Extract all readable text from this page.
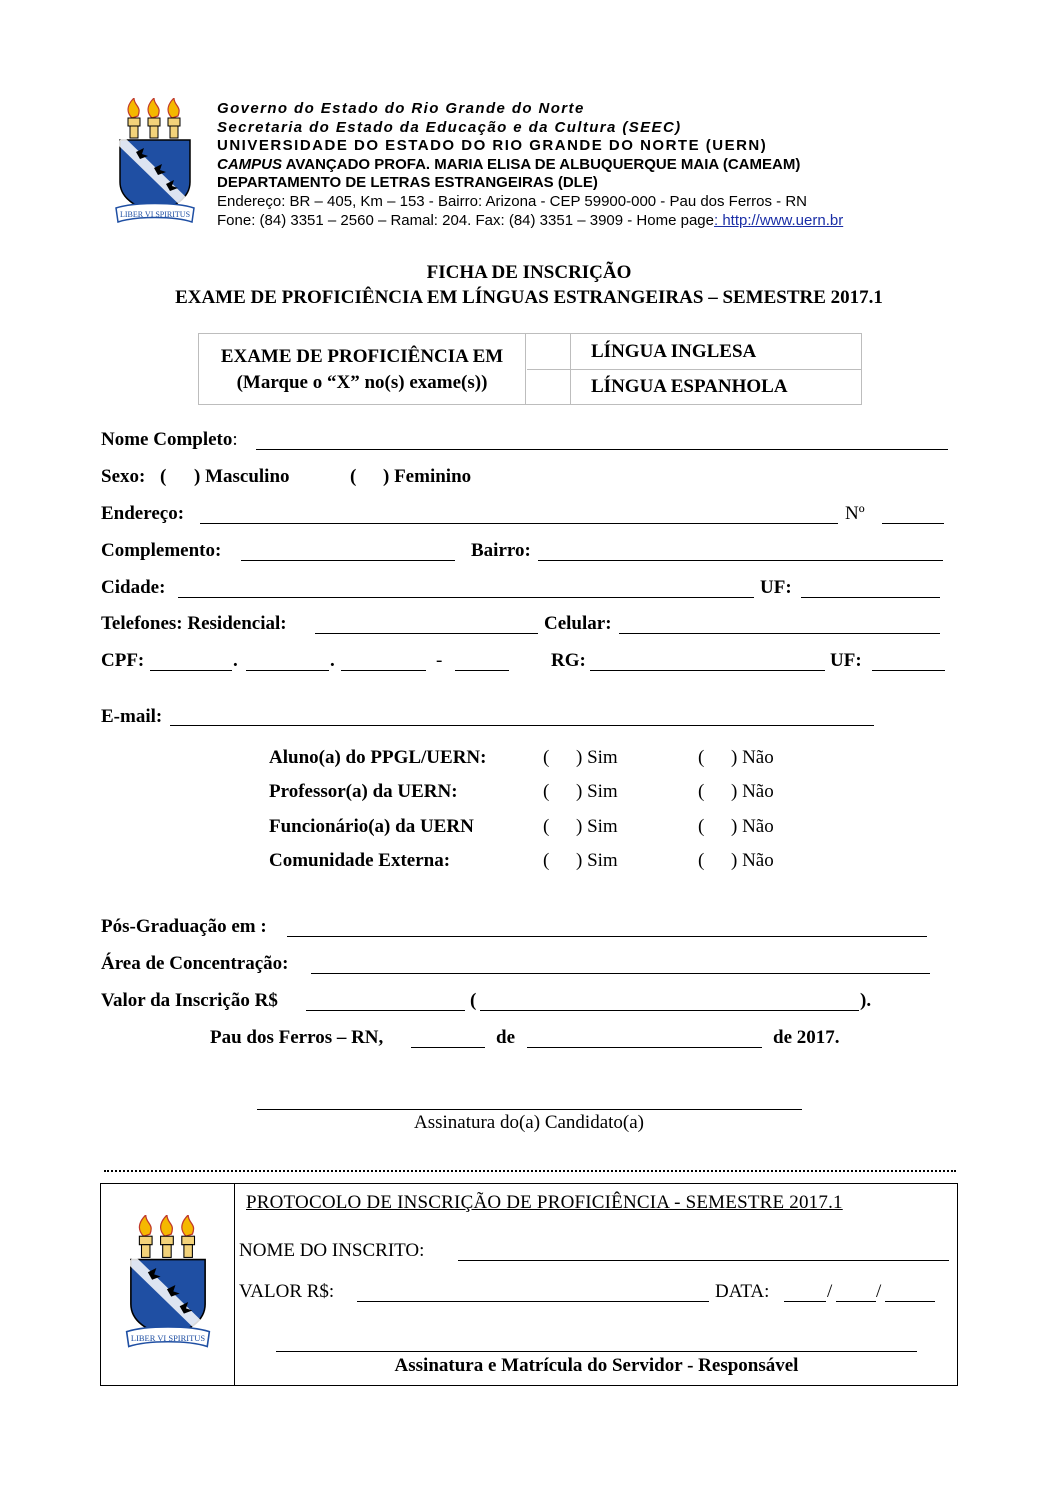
LIBER VI SPIRITUS
Governo do Estado do Rio Grande do Norte
Secretaria do Estado da Educação e da Cultura (SEEC)
UNIVERSIDADE DO ESTADO DO RIO GRANDE DO NORTE (UERN)
CAMPUS AVANÇADO PROFA. MARIA ELISA DE ALBUQUERQUE MAIA (CAMEAM)
DEPARTAMENTO DE LETRAS ESTRANGEIRAS (DLE)
Endereço: BR – 405, Km – 153 - Bairro: Arizona - CEP 59900-000 - Pau dos Ferros - RN
Fone: (84) 3351 – 2560 – Ramal: 204. Fax: (84) 3351 – 3909 - Home page: http://www.uern.br
FICHA DE INSCRIÇÃO
EXAME DE PROFICIÊNCIA EM LÍNGUAS ESTRANGEIRAS – SEMESTRE 2017.1
EXAME DE PROFICIÊNCIA EM
(Marque o “X” no(s) exame(s))
LÍNGUA INGLESA
LÍNGUA ESPANHOLA
Nome Completo:
Sexo: ( ) Masculino	( ) Feminino
Endereço:	Nº
Complemento:	Bairro:
Cidade:	UF:
Telefones: Residencial:	Celular:
CPF:	.	.	-	RG:	UF:
E-mail:
Aluno(a) do PPGL/UERN:	( ) Sim	( ) Não
Professor(a) da UERN:	( ) Sim	( ) Não
Funcionário(a) da UERN	( ) Sim	( ) Não
Comunidade Externa:	( ) Sim	( ) Não
Pós-Graduação em :
Área de Concentração:
Valor da Inscrição R$	(	).
Pau dos Ferros – RN,	de	de 2017.
Assinatura do(a) Candidato(a)
LIBER VI SPIRITUS
PROTOCOLO DE INSCRIÇÃO DE PROFICIÊNCIA - SEMESTRE 2017.1
NOME DO INSCRITO:
VALOR R$:	DATA:	/ /
Assinatura e Matrícula do Servidor - Responsável
